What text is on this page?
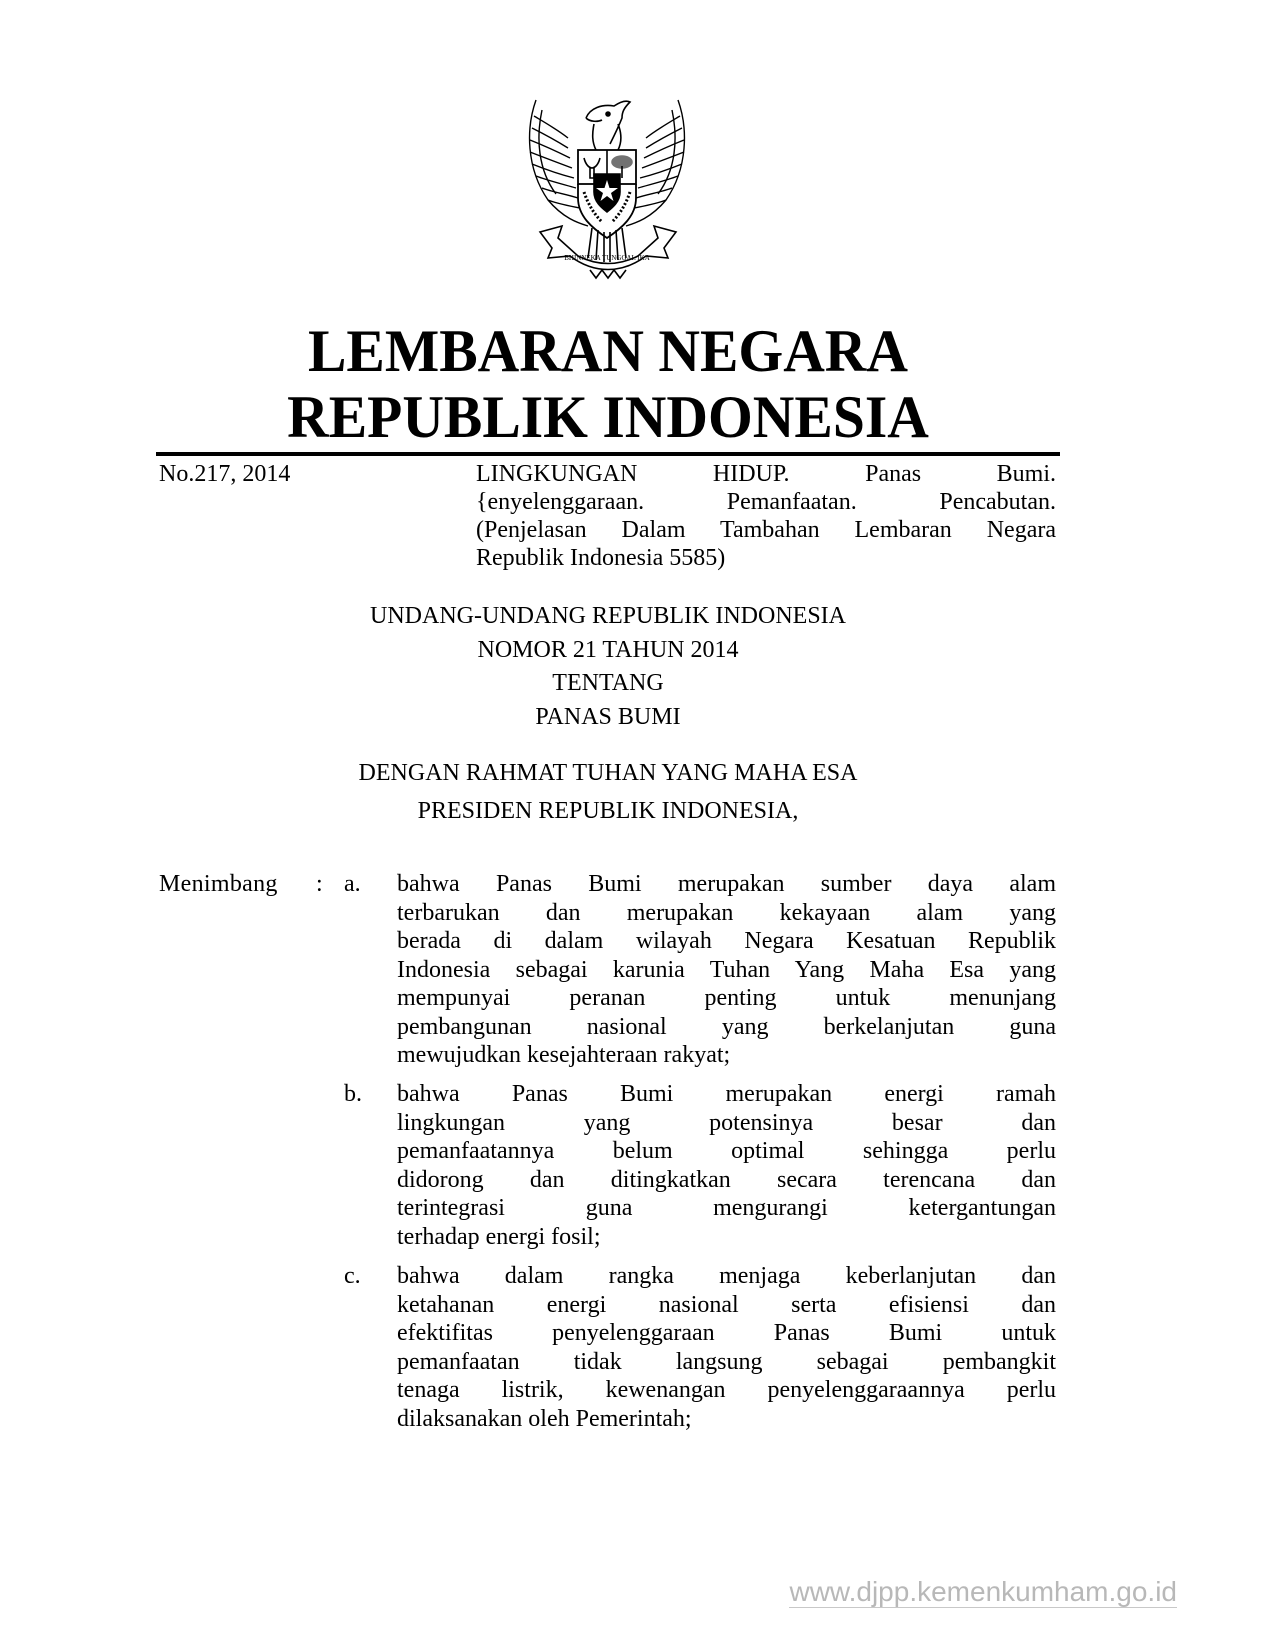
BHINNEKA TUNGGAL IKA
LEMBARAN NEGARA
REPUBLIK INDONESIA
No.217, 2014	LINGKUNGAN HIDUP. Panas Bumi.
{enyelenggaraan. Pemanfaatan. Pencabutan.
(Penjelasan Dalam Tambahan Lembaran Negara
Republik Indonesia 5585)
UNDANG-UNDANG REPUBLIK INDONESIA
NOMOR 21 TAHUN 2014
TENTANG
PANAS BUMI
DENGAN RAHMAT TUHAN YANG MAHA ESA
PRESIDEN REPUBLIK INDONESIA,
Menimbang : a. bahwa Panas Bumi merupakan sumber daya alam
terbarukan dan merupakan kekayaan alam yang
berada di dalam wilayah Negara Kesatuan Republik
Indonesia sebagai karunia Tuhan Yang Maha Esa yang
mempunyai peranan penting untuk menunjang
pembangunan nasional yang berkelanjutan guna
mewujudkan kesejahteraan rakyat;
b. bahwa Panas Bumi merupakan energi ramah
lingkungan yang potensinya besar dan
pemanfaatannya belum optimal sehingga perlu
didorong dan ditingkatkan secara terencana dan
terintegrasi guna mengurangi ketergantungan
terhadap energi fosil;
bahwa dalam rangka menjaga keberlanjutan dan
ketahanan energi nasional serta efisiensi dan
efektifitas penyelenggaraan Panas Bumi untuk
pemanfaatan tidak langsung sebagai pembangkit
tenaga listrik, kewenangan penyelenggaraannya perlu
dilaksanakan oleh Pemerintah;
c.
www.djpp.kemenkumham.go.id
